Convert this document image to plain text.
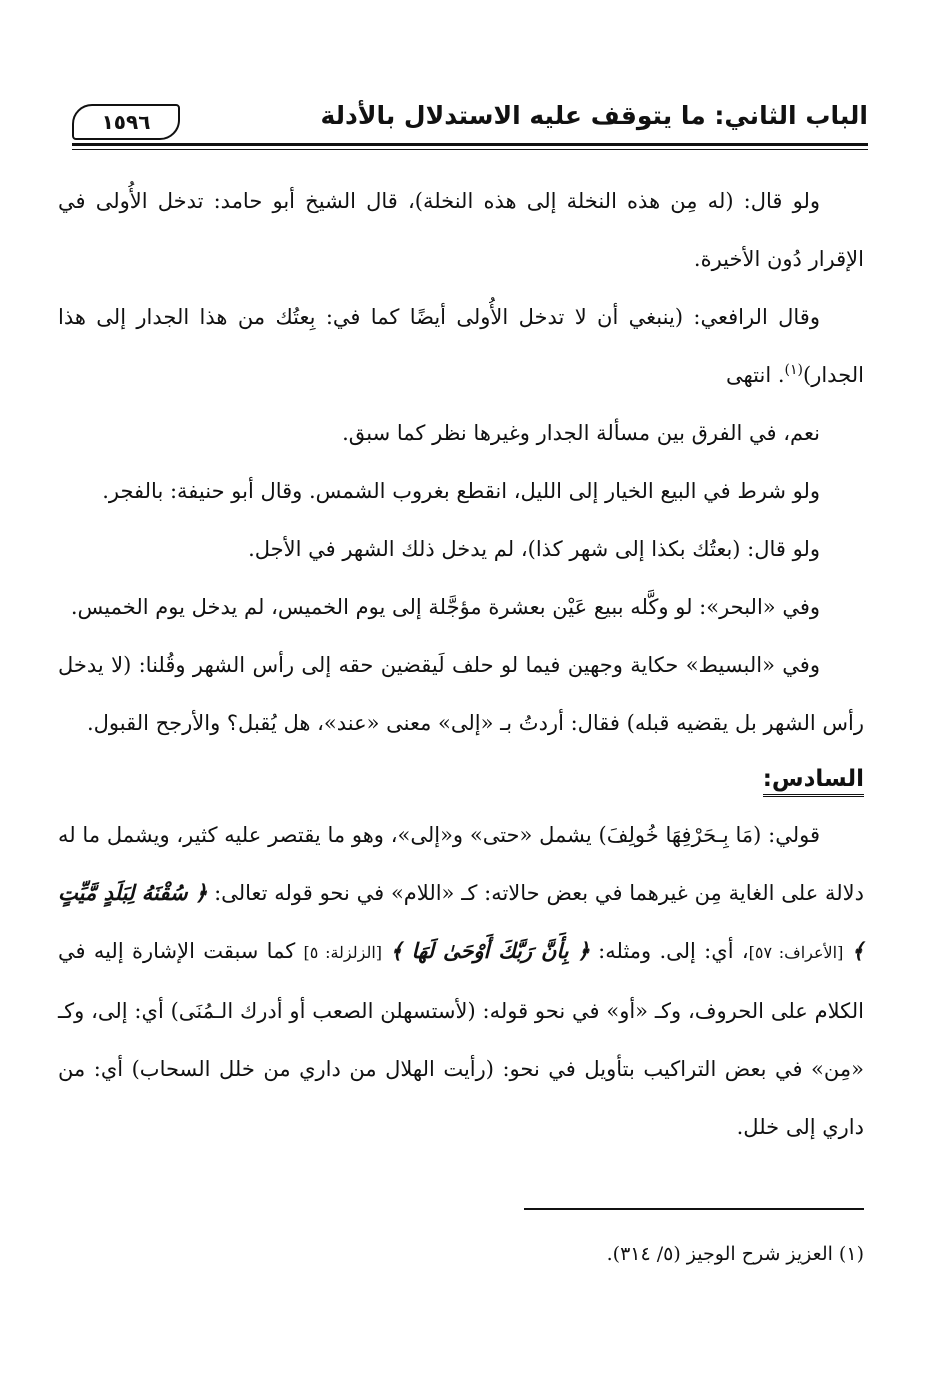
الباب الثاني: ما يتوقف عليه الاستدلال بالأدلة
١٥٩٦

ولو قال: (له مِن هذه النخلة إلى هذه النخلة)، قال الشيخ أبو حامد: تدخل الأُولى في الإقرار دُون الأخيرة.

وقال الرافعي: (ينبغي أن لا تدخل الأُولى أيضًا كما في: بِعتُك من هذا الجدار إلى هذا الجدار)$^{(١)}$. انتهى

نعم، في الفرق بين مسألة الجدار وغيرها نظر كما سبق.

ولو شرط في البيع الخيار إلى الليل، انقطع بغروب الشمس. وقال أبو حنيفة: بالفجر.

ولو قال: (بعتُك بكذا إلى شهر كذا)، لم يدخل ذلك الشهر في الأجل.

وفي «البحر»: لو وكَّله ببيع عَيْن بعشرة مؤجَّلة إلى يوم الخميس، لم يدخل يوم الخميس.

وفي «البسيط» حكاية وجهين فيما لو حلف لَيقضين حقه إلى رأس الشهر وقُلنا: (لا يدخل رأس الشهر بل يقضيه قبله) فقال: أردتُ بـ «إلى» معنى «عند»، هل يُقبل؟ والأرجح القبول.

السادس:

قولي: (مَا بِـحَرْفِهَا خُولِفَ) يشمل «حتى» و«إلى»، وهو ما يقتصر عليه كثير، ويشمل ما له دلالة على الغاية مِن غيرهما في بعض حالاته: كـ «اللام» في نحو قوله تعالى: ﴿ سُقْنَهُ لِبَلَدٍ مَّيِّتٍ ﴾ [الأعراف: ٥٧]، أي: إلى. ومثله: ﴿ بِأَنَّ رَبَّكَ أَوْحَىٰ لَهَا ﴾ [الزلزلة: ٥] كما سبقت الإشارة إليه في الكلام على الحروف، وكـ «أو» في نحو قوله: (لأستسهلن الصعب أو أدرك الـمُنَى) أي: إلى، وكـ «مِن» في بعض التراكيب بتأويل في نحو: (رأيت الهلال من داري من خلل السحاب) أي: من داري إلى خلل.

(١) العزيز شرح الوجيز (٥/ ٣١٤).
